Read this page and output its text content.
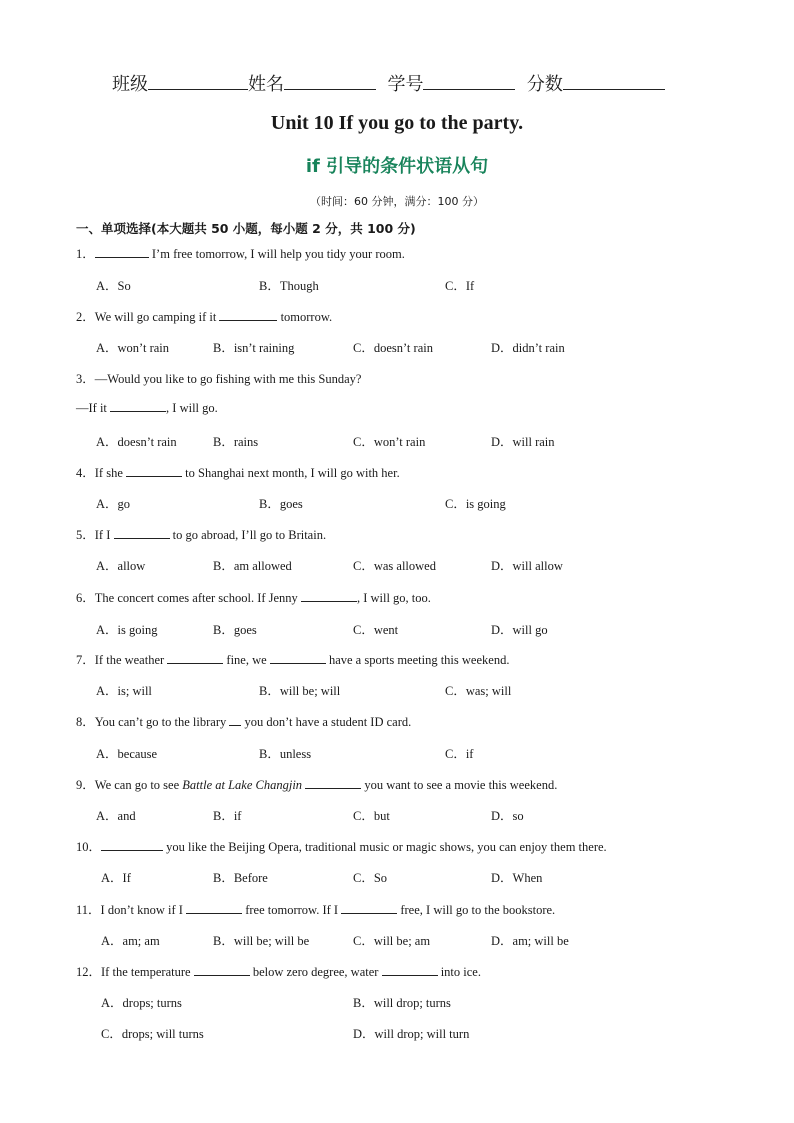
班级	姓名	学号	分数
Unit 10 If you go to the party.
if 引导的条件状语从句
（时间：60 分钟，满分：100 分）
一、单项选择(本大题共 50 小题，每小题 2 分，共 100 分)
1．	I’m free tomorrow, I will help you tidy your room.
A．So	B．Though	C．If
2．We will go camping if it	tomorrow.
A．won’t rain	B．isn’t raining	C．doesn’t rain	D．didn’t rain
3．—Would you like to go fishing with me this Sunday?
—If it	, I will go.
A．doesn’t rain	B．rains	C．won’t rain	D．will rain
4．If she	to Shanghai next month, I will go with her.
A．go	B．goes	C．is going
5．If I	to go abroad, I’ll go to Britain.
A．allow	B．am allowed	C．was allowed	D．will allow
6．The concert comes after school. If Jenny	, I will go, too.
A．is going	B．goes	C．went	D．will go
7．If the weather	fine, we	have a sports meeting this weekend.
A．is; will	B．will be; will	C．was; will
8．You can’t go to the library  you don’t have a student ID card.
A．because	B．unless	C．if
9．We can go to see Battle at Lake Changjin	you want to see a movie this weekend.
A．and	B．if	C．but	D．so
10．	you like the Beijing Opera, traditional music or magic shows, you can enjoy them there.
A．If	B．Before	C．So	D．When
11．I don’t know if I	free tomorrow. If I	free, I will go to the bookstore.
A．am; am	B．will be; will be	C．will be; am	D．am; will be
12．If the temperature	below zero degree, water	into ice.
A．drops; turns	B．will drop; turns
C．drops; will turns	D．will drop; will turn
